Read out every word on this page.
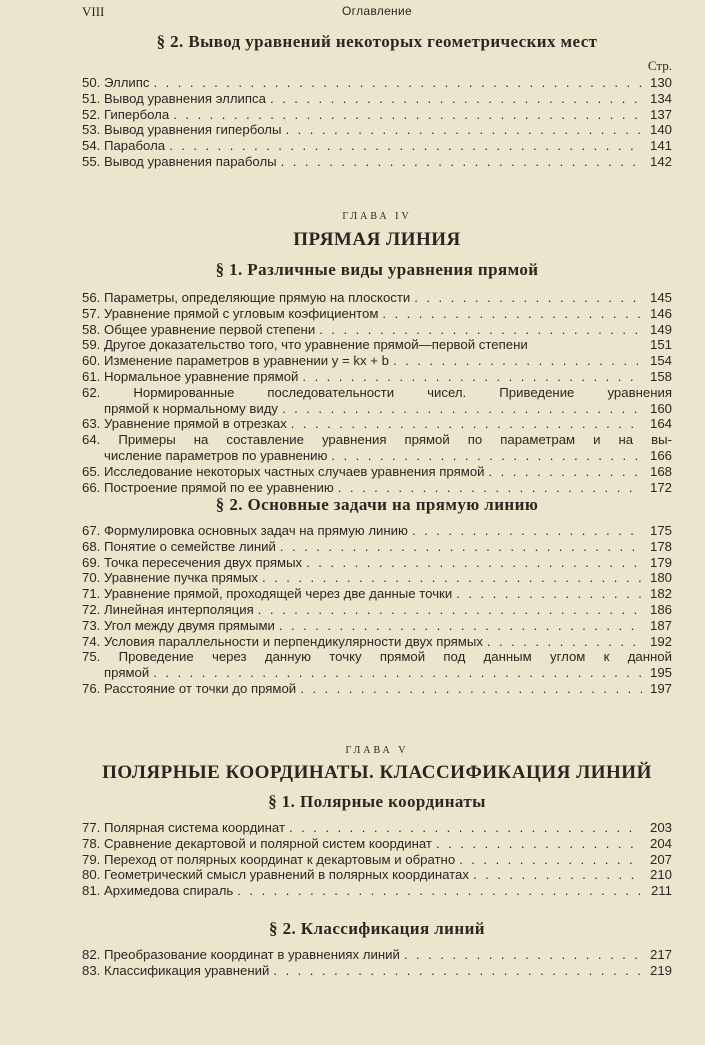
VIII	Оглавление
§ 2. Вывод уравнений некоторых геометрических мест
Стр.
50. Эллипс . . .	130
51. Вывод уравнения эллипса . . .	134
52. Гипербола . . .	137
53. Вывод уравнения гиперболы . . .	140
54. Парабола . . .	141
55. Вывод уравнения параболы . . .	142
ГЛАВА IV
ПРЯМАЯ ЛИНИЯ
§ 1. Различные виды уравнения прямой
56. Параметры, определяющие прямую на плоскости . . .	145
57. Уравнение прямой с угловым коэфициентом . . .	146
58. Общее уравнение первой степени . . .	149
59. Другое доказательство того, что уравнение прямой—первой степени	151
60. Изменение параметров в уравнении y = kx + b . . .	154
61. Нормальное уравнение прямой . . .	158
62. Нормированные последовательности чисел. Приведение уравнения
прямой к нормальному виду . . .	160
63. Уравнение прямой в отрезках . . .	164
64. Примеры на составление уравнения прямой по параметрам и на вы-
числение параметров по уравнению . . .	166
65. Исследование некоторых частных случаев уравнения прямой . . .	168
66. Построение прямой по ее уравнению . . .	172
§ 2. Основные задачи на прямую линию
67. Формулировка основных задач на прямую линию . . .	175
68. Понятие о семействе линий . . .	178
69. Точка пересечения двух прямых . . .	179
70. Уравнение пучка прямых . . .	180
71. Уравнение прямой, проходящей через две данные точки . . .	182
72. Линейная интерполяция . . .	186
73. Угол между двумя прямыми . . .	187
74. Условия параллельности и перпендикулярности двух прямых . . .	192
75. Проведение через данную точку прямой под данным углом к данной
прямой . . .	195
76. Расстояние от точки до прямой . . .	197
ГЛАВА V
ПОЛЯРНЫЕ КООРДИНАТЫ. КЛАССИФИКАЦИЯ ЛИНИЙ
§ 1. Полярные координаты
77. Полярная система координат . . .	203
78. Сравнение декартовой и полярной систем координат . . .	204
79. Переход от полярных координат к декартовым и обратно . . .	207
80. Геометрический смысл уравнений в полярных координатах . . .	210
81. Архимедова спираль . . .	211
§ 2. Классификация линий
82. Преобразование координат в уравнениях линий . . .	217
83. Классификация уравнений . . .	219
